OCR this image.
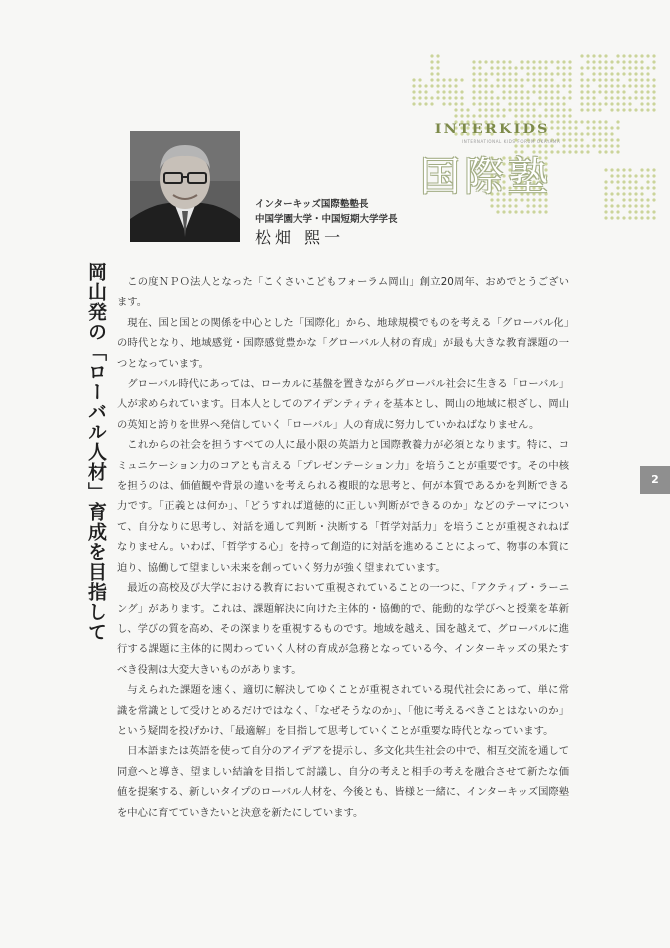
INTERKIDS
INTERNATIONAL KIDS FORUM OKAYAMA
国際塾
インターキッズ国際塾塾長
中国学園大学・中国短期大学学長
松畑 熙一
岡山発の「ローバル人材」育成を目指して	この度ＮＰＯ法人となった「こくさいこどもフォーラム岡山」創立20周年、おめでとうございます。

現在、国と国との関係を中心とした「国際化」から、地球規模でものを考える「グローバル化」の時代となり、地域感覚・国際感覚豊かな「グローバル人材の育成」が最も大きな教育課題の一つとなっています。

グローバル時代にあっては、ローカルに基盤を置きながらグローバル社会に生きる「ローバル」人が求められています。日本人としてのアイデンティティを基本とし、岡山の地域に根ざし、岡山の英知と誇りを世界へ発信していく「ローバル」人の育成に努力していかねばなりません。

これからの社会を担うすべての人に最小限の英語力と国際教養力が必須となります。特に、コミュニケーション力のコアとも言える「プレゼンテーション力」を培うことが重要です。その中核を担うのは、価値観や背景の違いを考えられる複眼的な思考と、何が本質であるかを判断できる力です。「正義とは何か」、「どうすれば道徳的に正しい判断ができるのか」などのテーマについて、自分なりに思考し、対話を通して判断・決断する「哲学対話力」を培うことが重視されねばなりません。いわば、「哲学する心」を持って創造的に対話を進めることによって、物事の本質に迫り、協働して望ましい未来を創っていく努力が強く望まれています。

最近の高校及び大学における教育において重視されていることの一つに、「アクティブ・ラーニング」があります。これは、課題解決に向けた主体的・協働的で、能動的な学びへと授業を革新し、学びの質を高め、その深まりを重視するものです。地域を越え、国を越えて、グローバルに進行する課題に主体的に関わっていく人材の育成が急務となっている今、インターキッズの果たすべき役割は大変大きいものがあります。

与えられた課題を速く、適切に解決してゆくことが重視されている現代社会にあって、単に常識を常識として受けとめるだけではなく、「なぜそうなのか」、「他に考えるべきことはないのか」という疑問を投げかけ、「最適解」を目指して思考していくことが重要な時代となっています。

日本語または英語を使って自分のアイデアを提示し、多文化共生社会の中で、相互交流を通して同意へと導き、望ましい結論を目指して討議し、自分の考えと相手の考えを融合させて新たな価値を提案する、新しいタイプのローバル人材を、今後とも、皆様と一緒に、インターキッズ国際塾を中心に育てていきたいと決意を新たにしています。

2
